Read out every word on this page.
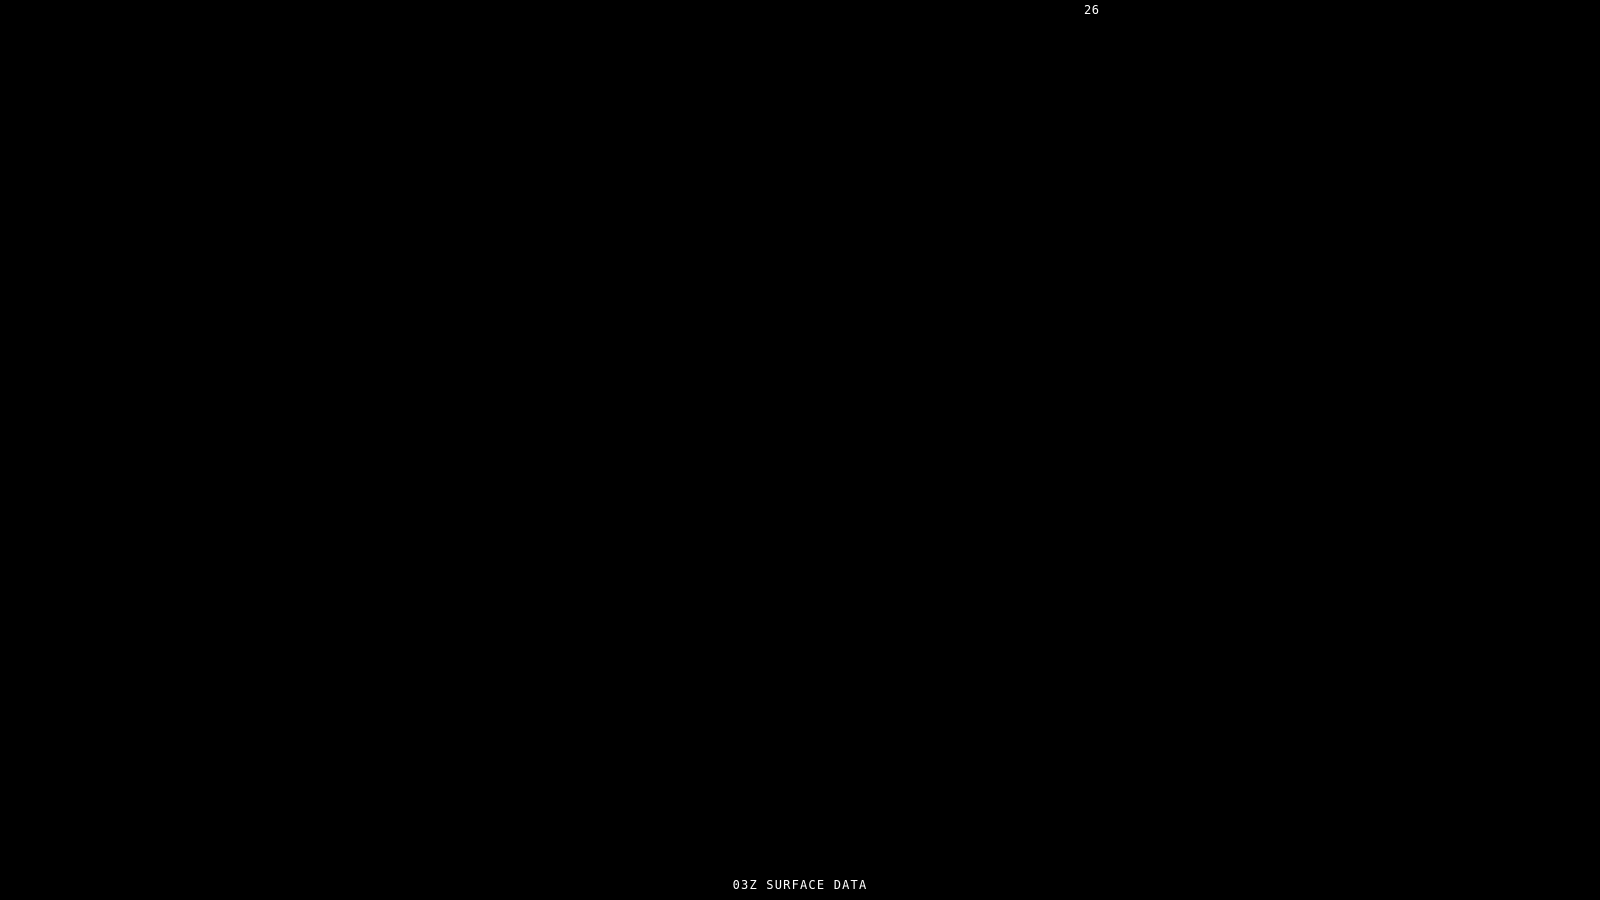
26
03Z SURFACE DATA
